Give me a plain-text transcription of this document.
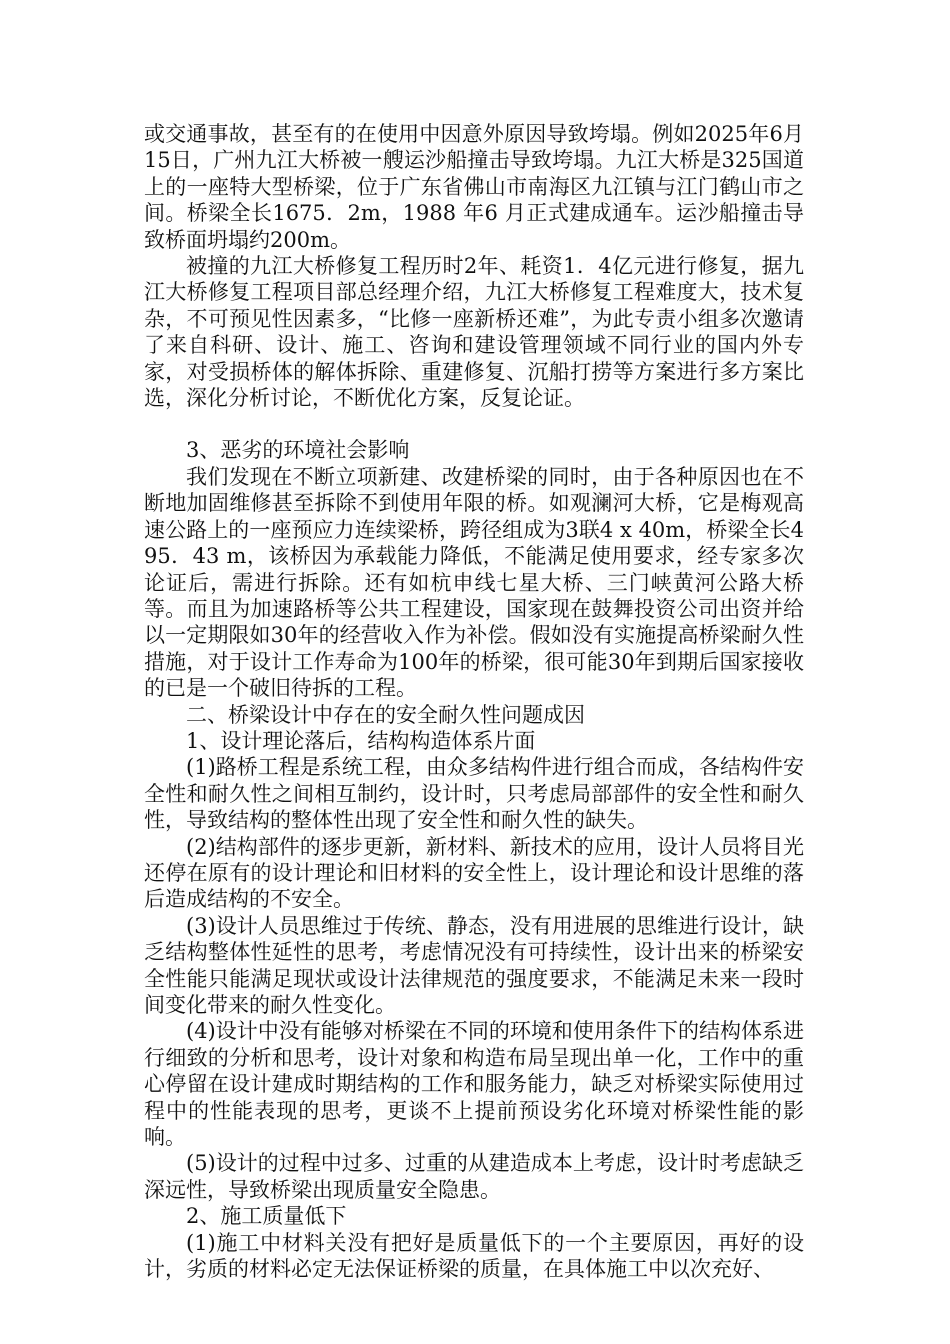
或交通事故，甚至有的在使用中因意外原因导致垮塌。例如2025年6月15日，广州九江大桥被一艘运沙船撞击导致垮塌。九江大桥是325国道上的一座特大型桥梁，位于广东省佛山市南海区九江镇与江门鹤山市之间。桥梁全长1675．2m，1988 年6 月正式建成通车。运沙船撞击导致桥面坍塌约200m。

被撞的九江大桥修复工程历时2年、耗资1．4亿元进行修复，据九江大桥修复工程项目部总经理介绍，九江大桥修复工程难度大，技术复杂，不可预见性因素多，“比修一座新桥还难”，为此专责小组多次邀请了来自科研、设计、施工、咨询和建设管理领域不同行业的国内外专家，对受损桥体的解体拆除、重建修复、沉船打捞等方案进行多方案比选，深化分析讨论，不断优化方案，反复论证。

3、恶劣的环境社会影响

我们发现在不断立项新建、改建桥梁的同时，由于各种原因也在不断地加固维修甚至拆除不到使用年限的桥。如观澜河大桥，它是梅观高速公路上的一座预应力连续梁桥，跨径组成为3联4 x 40m，桥梁全长495．43 m，该桥因为承载能力降低，不能满足使用要求，经专家多次论证后，需进行拆除。还有如杭申线七星大桥、三门峡黄河公路大桥等。而且为加速路桥等公共工程建设，国家现在鼓舞投资公司出资并给以一定期限如30年的经营收入作为补偿。假如没有实施提高桥梁耐久性措施，对于设计工作寿命为100年的桥梁，很可能30年到期后国家接收的已是一个破旧待拆的工程。

二、桥梁设计中存在的安全耐久性问题成因

1、设计理论落后，结构构造体系片面

(1)路桥工程是系统工程，由众多结构件进行组合而成，各结构件安全性和耐久性之间相互制约，设计时，只考虑局部部件的安全性和耐久性，导致结构的整体性出现了安全性和耐久性的缺失。

(2)结构部件的逐步更新，新材料、新技术的应用，设计人员将目光还停在原有的设计理论和旧材料的安全性上，设计理论和设计思维的落后造成结构的不安全。

(3)设计人员思维过于传统、静态，没有用进展的思维进行设计，缺乏结构整体性延性的思考，考虑情况没有可持续性，设计出来的桥梁安全性能只能满足现状或设计法律规范的强度要求，不能满足未来一段时间变化带来的耐久性变化。

(4)设计中没有能够对桥梁在不同的环境和使用条件下的结构体系进行细致的分析和思考，设计对象和构造布局呈现出单一化，工作中的重心停留在设计建成时期结构的工作和服务能力，缺乏对桥梁实际使用过程中的性能表现的思考，更谈不上提前预设劣化环境对桥梁性能的影响。

(5)设计的过程中过多、过重的从建造成本上考虑，设计时考虑缺乏深远性，导致桥梁出现质量安全隐患。

2、施工质量低下

(1)施工中材料关没有把好是质量低下的一个主要原因，再好的设计，劣质的材料必定无法保证桥梁的质量，在具体施工中以次充好、
